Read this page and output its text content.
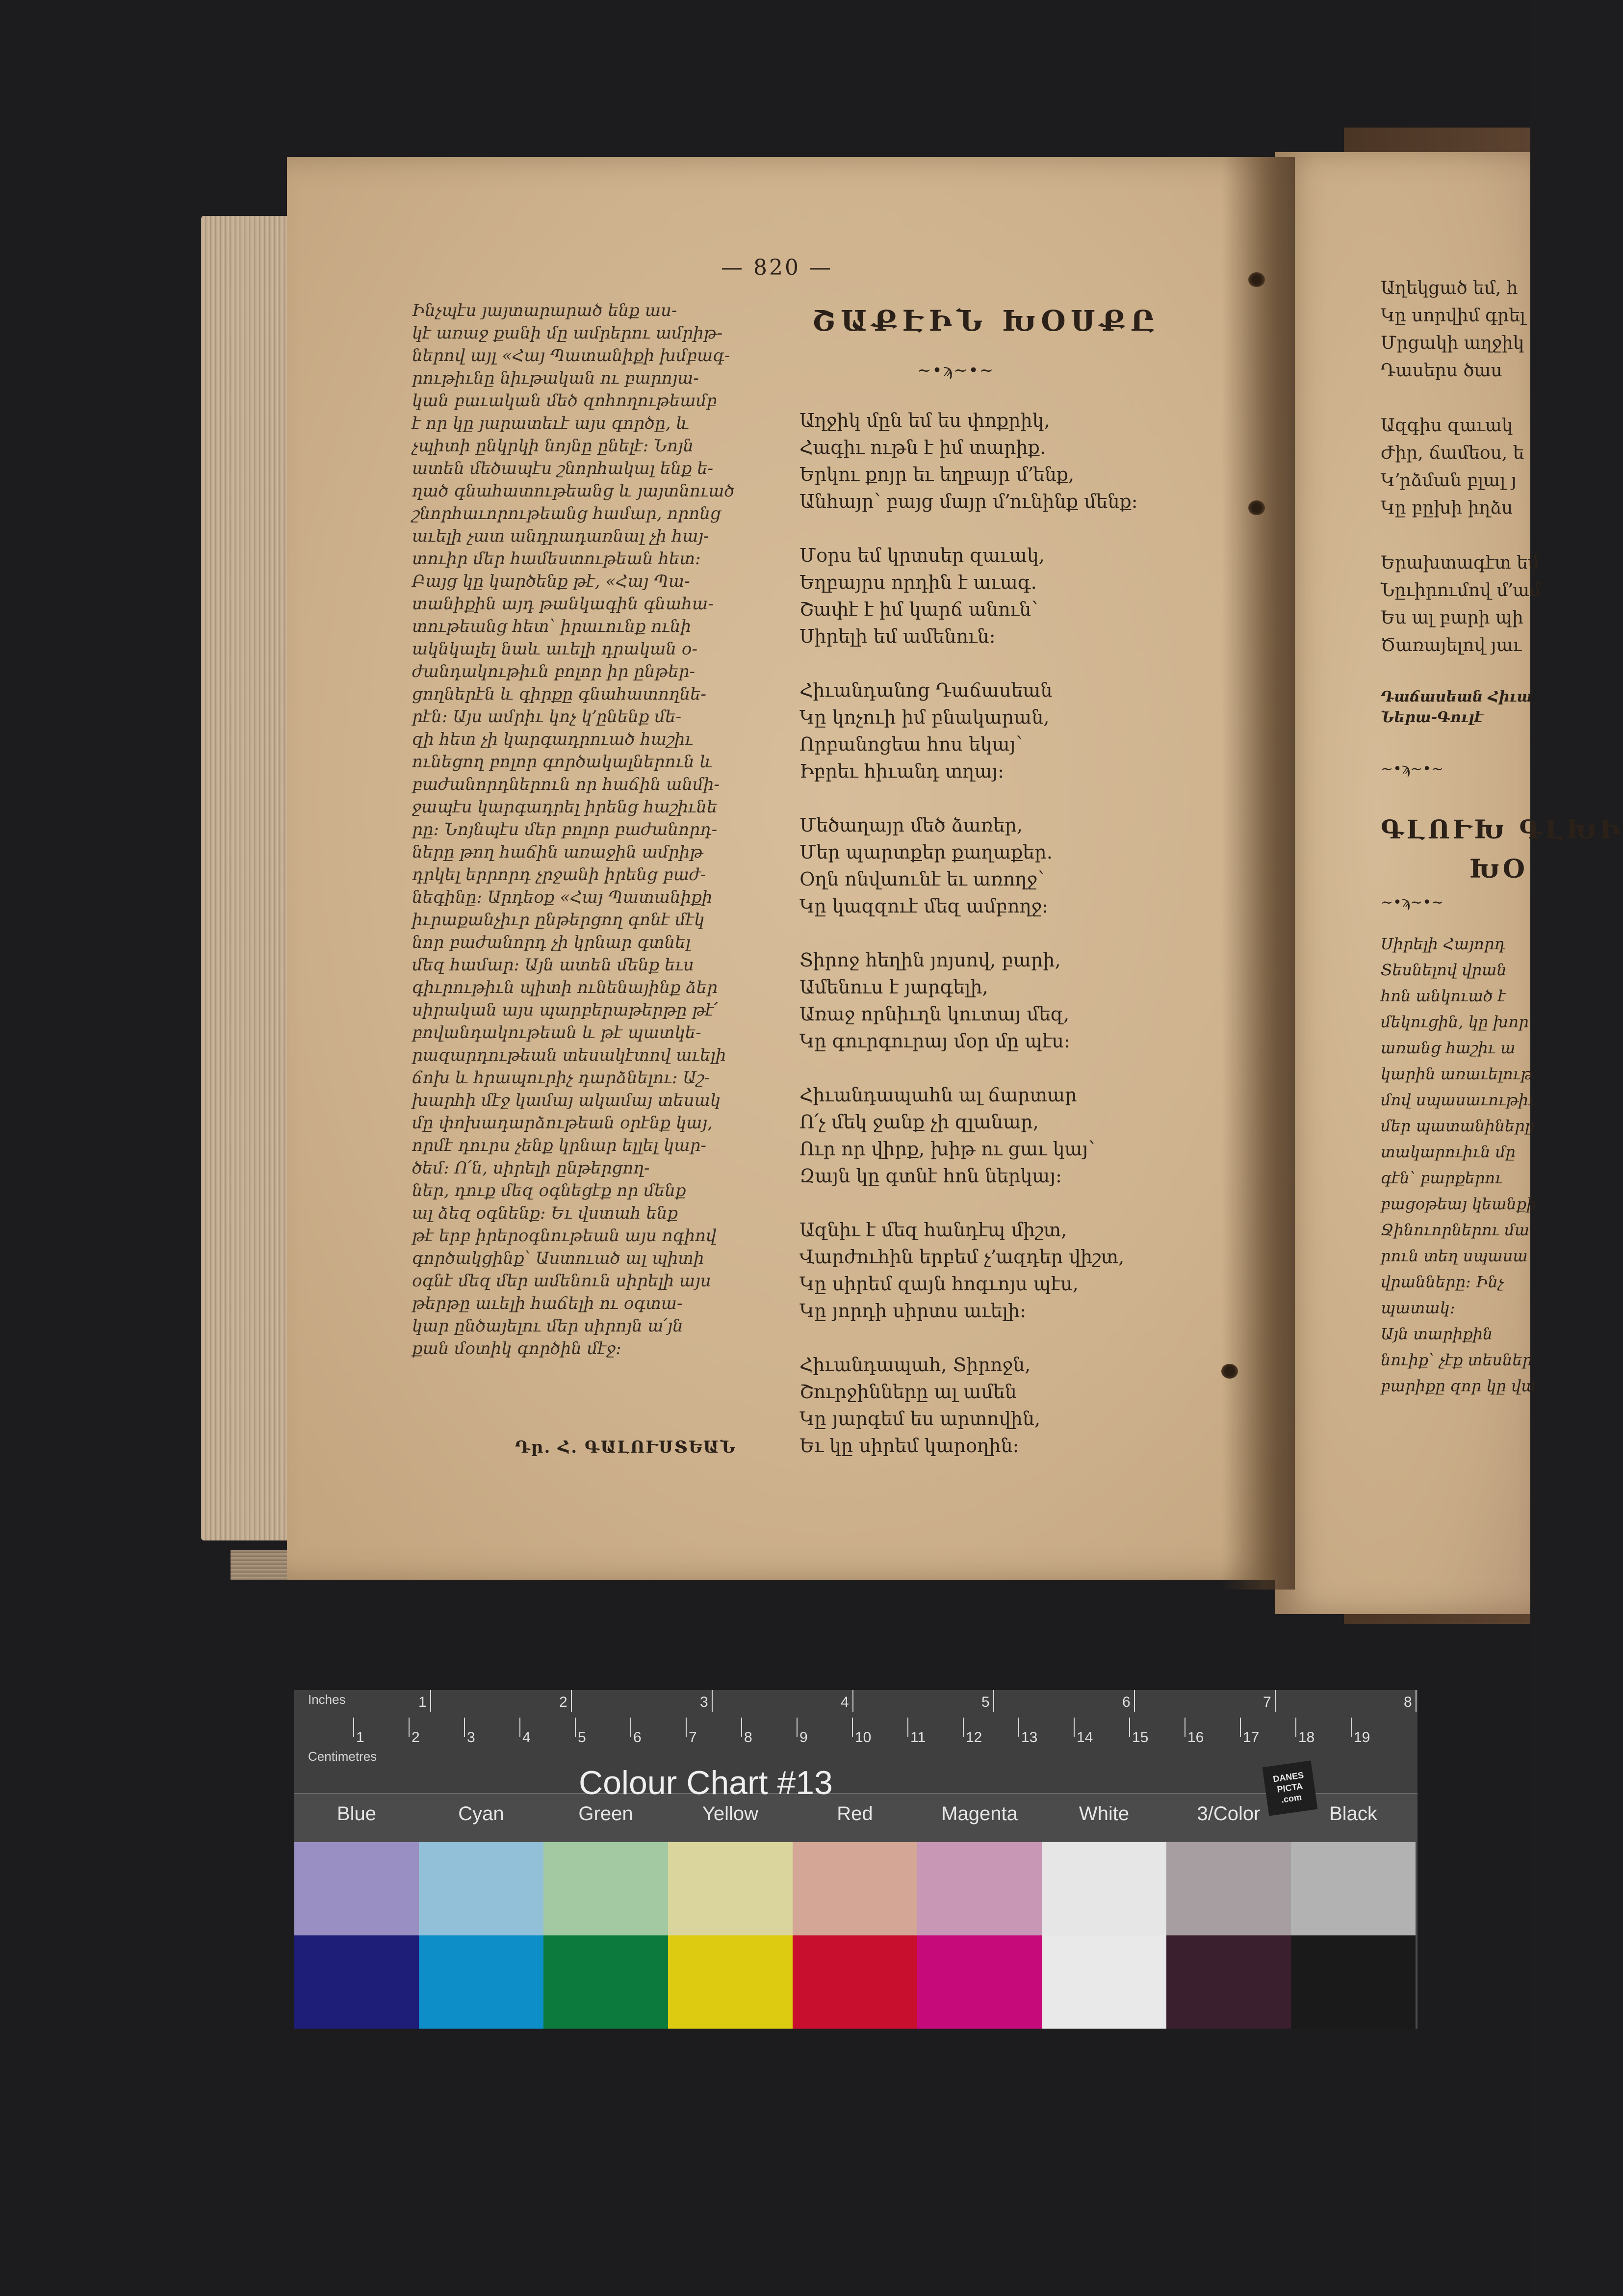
— 820 —
Ինչպէս յայտարարած ենք աս-
կէ առաջ քանի մը ամրերու ամրիթ-
ներով այլ «Հայ Պատանիքի խմբագ-
րութիւնը նիւթական ու բարոյա-
կան բաւական մեծ զոհողութեամբ
է որ կը յարատեւէ այս գործը, և
չպիտի ընկրկի նոյնը ընելէ։ Նոյն
ատեն մեծապէս շնորհակալ ենք ե-
ղած գնահատութեանց և յայտնուած
շնորհաւորութեանց համար, որոնց
աւելի չատ անդրադառնալ չի հայ-
տուիր մեր համեստութեան հետ։
Բայց կը կարծենք թէ, «Հայ Պա-
տանիքին այդ թանկագին գնահա-
տութեանց հետ՝ իրաւունք ունի
ակնկալել նաև աւելի դրական օ-
ժանդակութիւն բոլոր իր ընթեր-
ցողներէն և գիրքը գնահատողնե-
րէն։ Այս ամրիւ կոչ կ՚ընենք մե-
զի հետ չի կարգադրուած հաշիւ
ունեցող բոլոր գործակալներուն և
բաժանորդներուն որ հաճին անմի-
ջապէս կարգադրել իրենց հաշիւնե
րը։ Նոյնպէս մեր բոլոր բաժանորդ-
ները թող հաճին առաջին ամրիթ
դրկել երրորդ չրջանի իրենց բաժ-
նեգինը։ Արդեօք «Հայ Պատանիքի
իւրաքանչիւր ընթերցող գոնէ մէկ
նոր բաժանորդ չի կրնար գտնել
մեզ համար։ Այն ատեն մենք եւս
գիւրութիւն պիտի ունենայինք ձեր
սիրական այս պարբերաթերթը թէ՛
բովանդակութեան և թէ պատկե-
րազարդութեան տեսակէտով աւելի
ճոխ և հրապուրիչ դարձնելու։ Աշ-
խարհի մէջ կամայ ակամայ տեսակ
մը փոխադարձութեան օրէնք կայ,
որմէ դուրս չենք կրնար ելլել կար-
ծեմ։ Ո՛ն, սիրելի ընթերցող-
ներ, դուք մեզ օգնեցէք որ մենք
ալ ձեզ օգնենք։ Եւ վստահ ենք
թէ երբ իրերօգնութեան այս ոգիով
գործակցինք՝ Աստուած ալ պիտի
օգնէ մեզ մեր ամենուն սիրելի այս
թերթը աւելի հաճելի ու օգտա-
կար ընծայելու մեր սիրոյն ա՛յն
քան մօտիկ գործին մէջ։
Դր. Հ. ԳԱԼՈՒՍՏԵԱՆ
ՇԱՔԷԻՆ ԽՕՍՔԸ
~•ϡ~•~
Աղջիկ մըն եմ ես փոքրիկ,
Հագիւ ութն է իմ տարիք․
Երկու քոյր եւ եղբայր մ՚ենք,
Անհայր՝ բայց մայր մ՚ունինք մենք։
Մօրս եմ կրտսեր զաւակ,
Եղբայրս որդին է աւագ․
Շափէ է իմ կարճ անուն՝
Սիրելի եմ ամենուն։
Հիւանդանոց Դաճասեան
Կը կոչուի իմ բնակարան,
Որբանոցեա հոս եկայ՝
Իբրեւ հիւանդ տղայ։
Մեծաղայր մեծ ձառեր,
Մեր պարտքեր քաղաքեր․
Օղն ոնվաունէ եւ առողջ՝
Կը կազզուէ մեզ ամբողջ։
Տիրոջ հեղին յոյսով, բարի,
Ամենուս է յարգելի,
Առաջ որնիւղն կուտայ մեզ,
Կը գուրգուրայ մօր մը պէս։
Հիւանդապահն ալ ճարտար
Ո՛չ մեկ ջանք չի զլանար,
Ուր որ վիրք, խիթ ու ցաւ կայ՝
Զայն կը գտնէ հոն ներկայ։
Ազնիւ է մեզ հանդէպ միշտ,
Վարժուհին երբեմ չ՚ազդեր վիշտ,
Կը սիրեմ զայն հոգւոյս պէս,
Կը յորդի սիրտս աւելի։
Հիւանդապահ, Տիրոջն,
Շուրջինները ալ ամեն
Կը յարգեմ ես արտովին,
Եւ կը սիրեմ կարօղին։
Աղեկցած եմ, հ
Կը սորվիմ գրել
Մրցակի աղջիկ
Դասերս ծաս
Ազգիս զաւակ
Ժիր, ճամեօս, ե
Կ՚րձման բլալ յ
Կը բըխի իղձս
Երախտագէտ եմ
Նըւիրումով մ՚ամ
Ես ալ բարի պի
Ծառայելով յաւ
Դաճասեան Հիւա
Ներա-Գուլէ
~•ϡ~•~
ԳԼՈՒԽ ԳԼԽԻ
ԽՕ
~•ϡ~•~
Սիրելի Հայորդ
Տեսնելով վրան
հոն անկուած է
մեկուցին, կը խոր
առանց հաշիւ ա
կարին առաւելութ
մով սպասաւութիւ
մեր պատանիները
տակարուիւն մը
գէն՝ բարքերու
բացօթեայ կեանքի
Ջինուորներու մա
րուն տեղ սպասա
վրանները։ Ինչ
պատակ։
Այն տարիքին
նուիք՝ չէք տեսներ
բարիքը զոր կը վա
Inches
Centimetres
1	2	3	4	5	6	7	8
1	2	3	4	5	6	7	8	9	10	11	12	13	14	15	16	17	18	19
Colour Chart #13	DANES
PICTA
.com
Blue	Cyan	Green	Yellow	Red	Magenta	White	3/Color	Black
